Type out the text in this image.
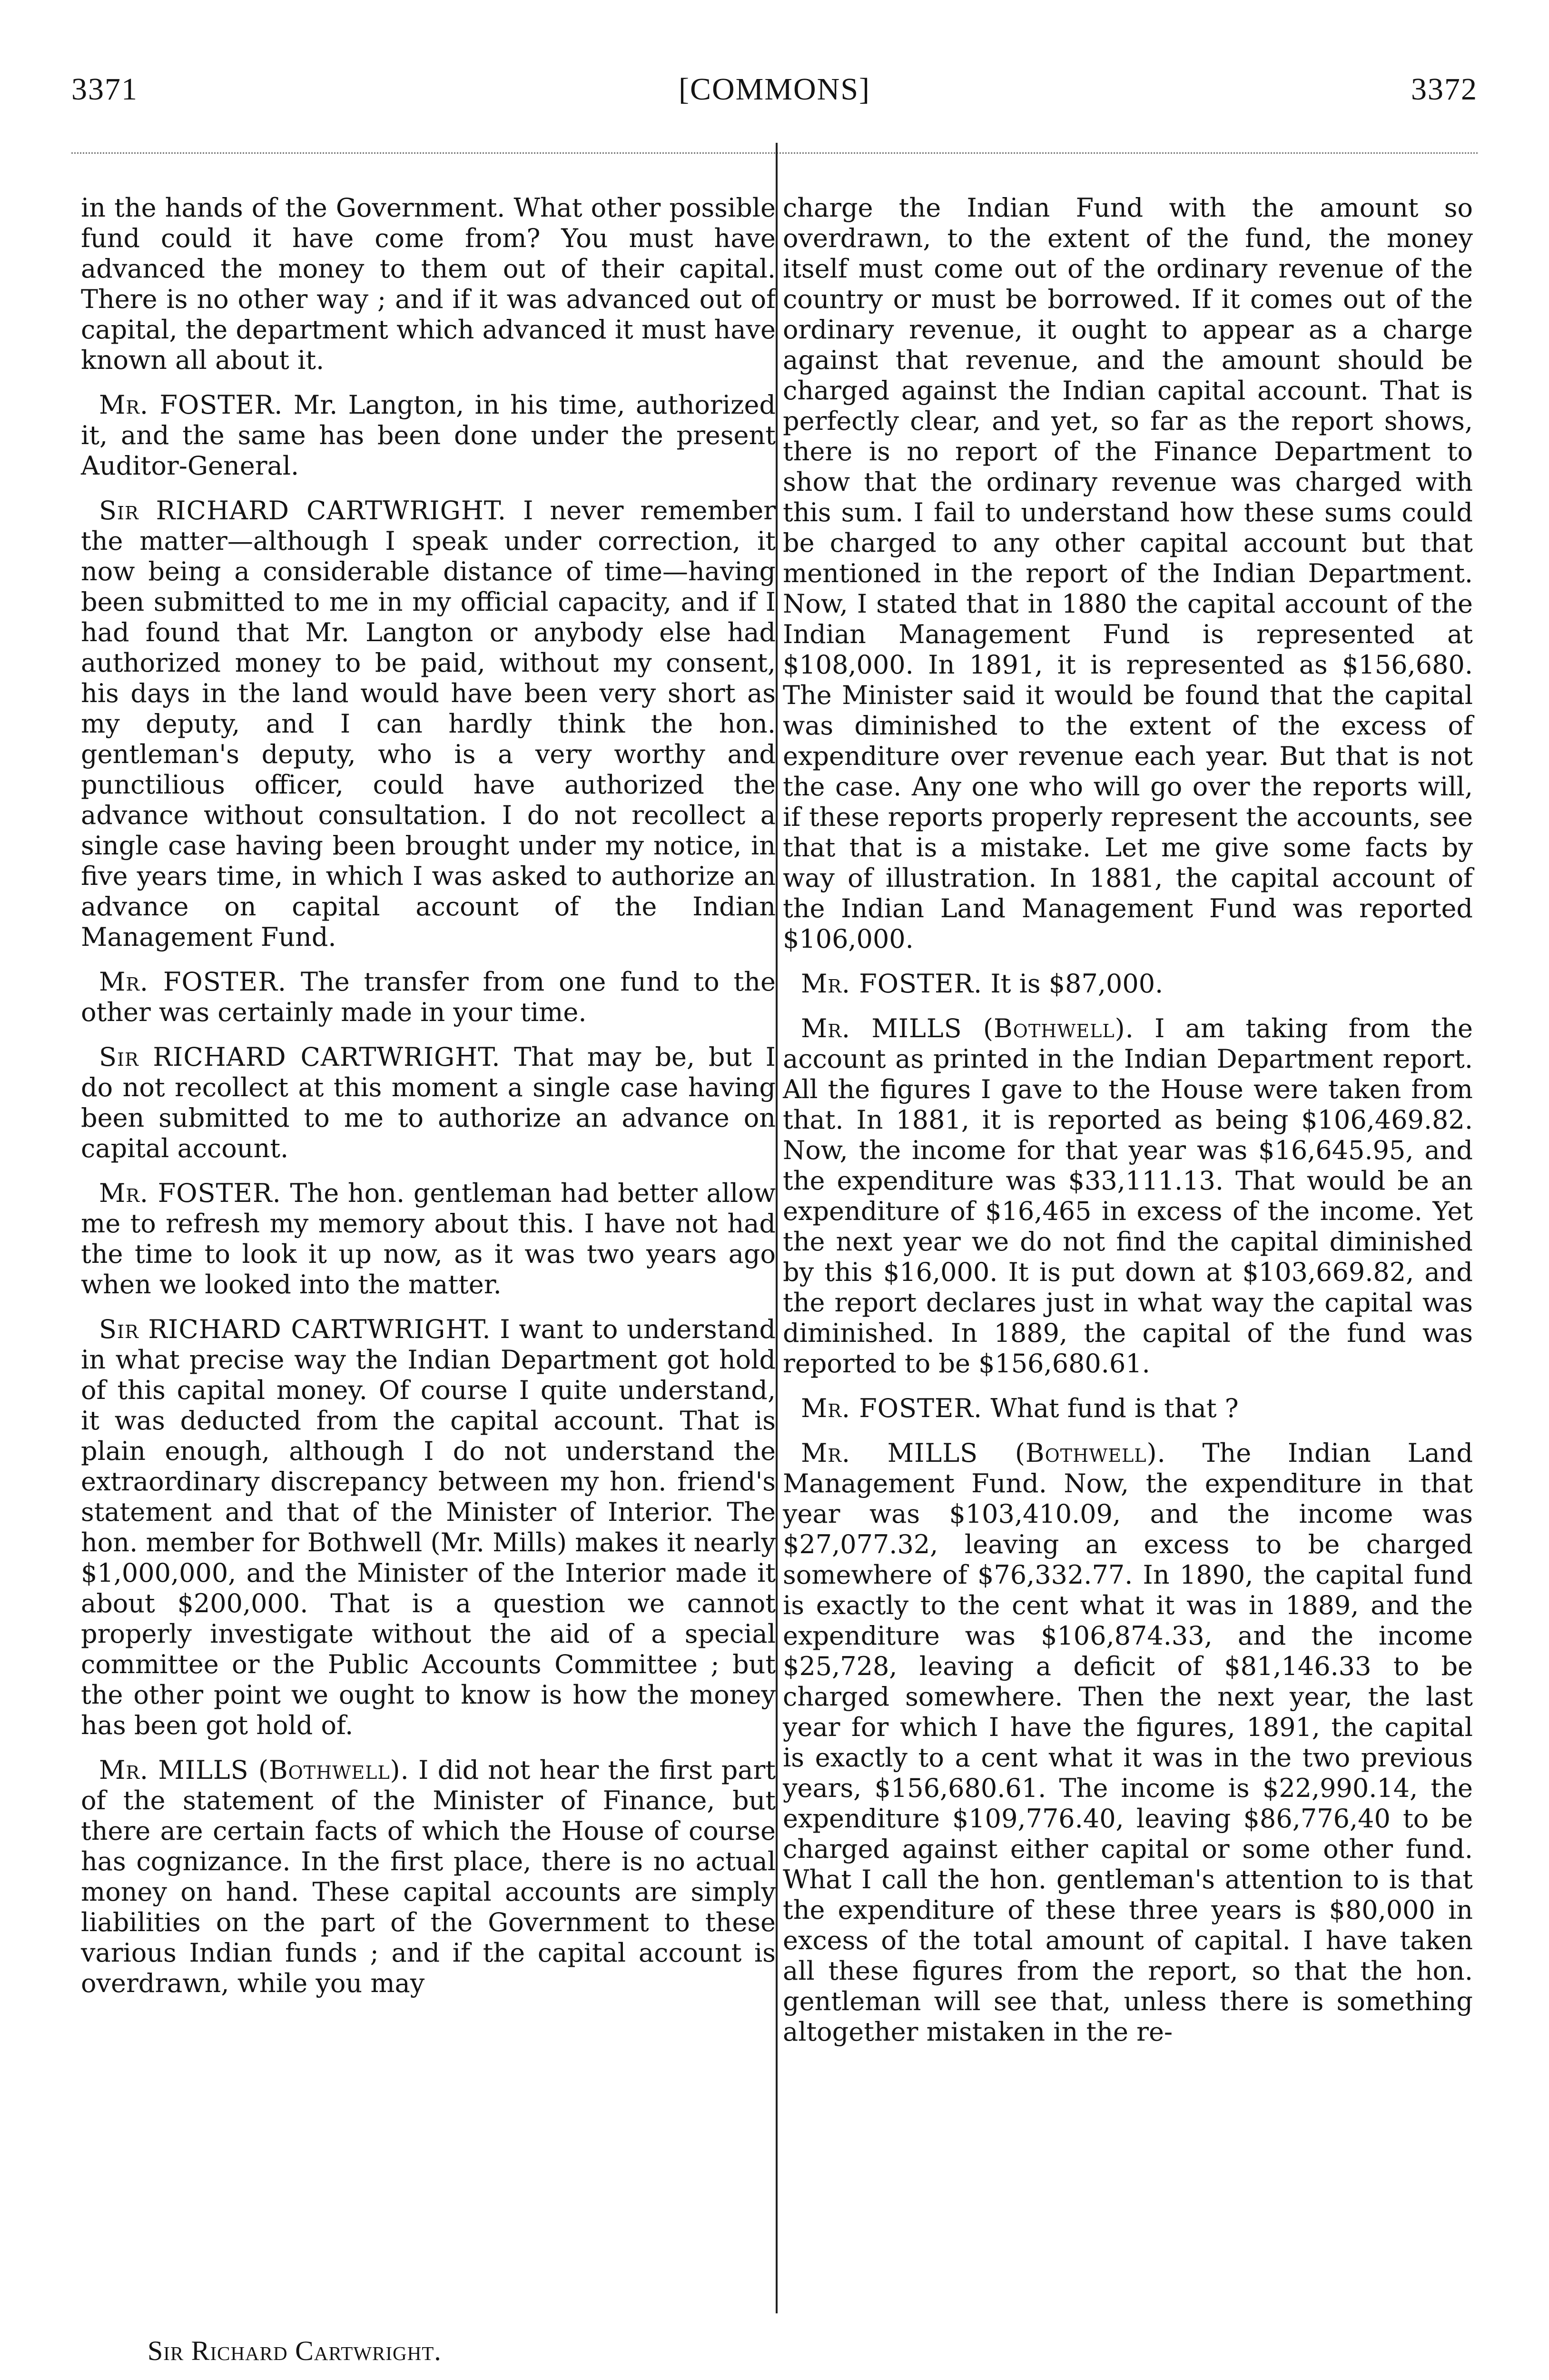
3371	[COMMONS]	3372

in the hands of the Government. What other possible fund could it have come from? You must have advanced the money to them out of their capital. There is no other way ; and if it was advanced out of capital, the department which advanced it must have known all about it.

Mr. FOSTER. Mr. Langton, in his time, authorized it, and the same has been done under the present Auditor-General.

Sir RICHARD CARTWRIGHT. I never remember the matter—although I speak under correction, it now being a considerable distance of time—having been submitted to me in my official capacity, and if I had found that Mr. Langton or anybody else had authorized money to be paid, without my consent, his days in the land would have been very short as my deputy, and I can hardly think the hon. gentleman's deputy, who is a very worthy and punctilious officer, could have authorized the advance without consultation. I do not recollect a single case having been brought under my notice, in five years time, in which I was asked to authorize an advance on capital account of the Indian Management Fund.

Mr. FOSTER. The transfer from one fund to the other was certainly made in your time.

Sir RICHARD CARTWRIGHT. That may be, but I do not recollect at this moment a single case having been submitted to me to authorize an advance on capital account.

Mr. FOSTER. The hon. gentleman had better allow me to refresh my memory about this. I have not had the time to look it up now, as it was two years ago when we looked into the matter.

Sir RICHARD CARTWRIGHT. I want to understand in what precise way the Indian Department got hold of this capital money. Of course I quite understand, it was deducted from the capital account. That is plain enough, although I do not understand the extraordinary discrepancy between my hon. friend's statement and that of the Minister of Interior. The hon. member for Bothwell (Mr. Mills) makes it nearly $1,000,000, and the Minister of the Interior made it about $200,000. That is a question we cannot properly investigate without the aid of a special committee or the Public Accounts Committee ; but the other point we ought to know is how the money has been got hold of.

Mr. MILLS (Bothwell). I did not hear the first part of the statement of the Minister of Finance, but there are certain facts of which the House of course has cognizance. In the first place, there is no actual money on hand. These capital accounts are simply liabilities on the part of the Government to these various Indian funds ; and if the capital account is overdrawn, while you may

charge the Indian Fund with the amount so overdrawn, to the extent of the fund, the money itself must come out of the ordinary revenue of the country or must be borrowed. If it comes out of the ordinary revenue, it ought to appear as a charge against that revenue, and the amount should be charged against the Indian capital account. That is perfectly clear, and yet, so far as the report shows, there is no report of the Finance Department to show that the ordinary revenue was charged with this sum. I fail to understand how these sums could be charged to any other capital account but that mentioned in the report of the Indian Department. Now, I stated that in 1880 the capital account of the Indian Management Fund is represented at $108,000. In 1891, it is represented as $156,680. The Minister said it would be found that the capital was diminished to the extent of the excess of expenditure over revenue each year. But that is not the case. Any one who will go over the reports will, if these reports properly represent the accounts, see that that is a mistake. Let me give some facts by way of illustration. In 1881, the capital account of the Indian Land Management Fund was reported $106,000.

Mr. FOSTER. It is $87,000.

Mr. MILLS (Bothwell). I am taking from the account as printed in the Indian Department report. All the figures I gave to the House were taken from that. In 1881, it is reported as being $106,469.82. Now, the income for that year was $16,645.95, and the expenditure was $33,111.13. That would be an expenditure of $16,465 in excess of the income. Yet the next year we do not find the capital diminished by this $16,000. It is put down at $103,669.82, and the report declares just in what way the capital was diminished. In 1889, the capital of the fund was reported to be $156,680.61.

Mr. FOSTER. What fund is that ?

Mr. MILLS (Bothwell). The Indian Land Management Fund. Now, the expenditure in that year was $103,410.09, and the income was $27,077.32, leaving an excess to be charged somewhere of $76,332.77. In 1890, the capital fund is exactly to the cent what it was in 1889, and the expenditure was $106,874.33, and the income $25,728, leaving a deficit of $81,146.33 to be charged somewhere. Then the next year, the last year for which I have the figures, 1891, the capital is exactly to a cent what it was in the two previous years, $156,680.61. The income is $22,990.14, the expenditure $109,776.40, leaving $86,776,40 to be charged against either capital or some other fund. What I call the hon. gentleman's attention to is that the expenditure of these three years is $80,000 in excess of the total amount of capital. I have taken all these figures from the report, so that the hon. gentleman will see that, unless there is something altogether mistaken in the re-

Sir Richard Cartwright.
